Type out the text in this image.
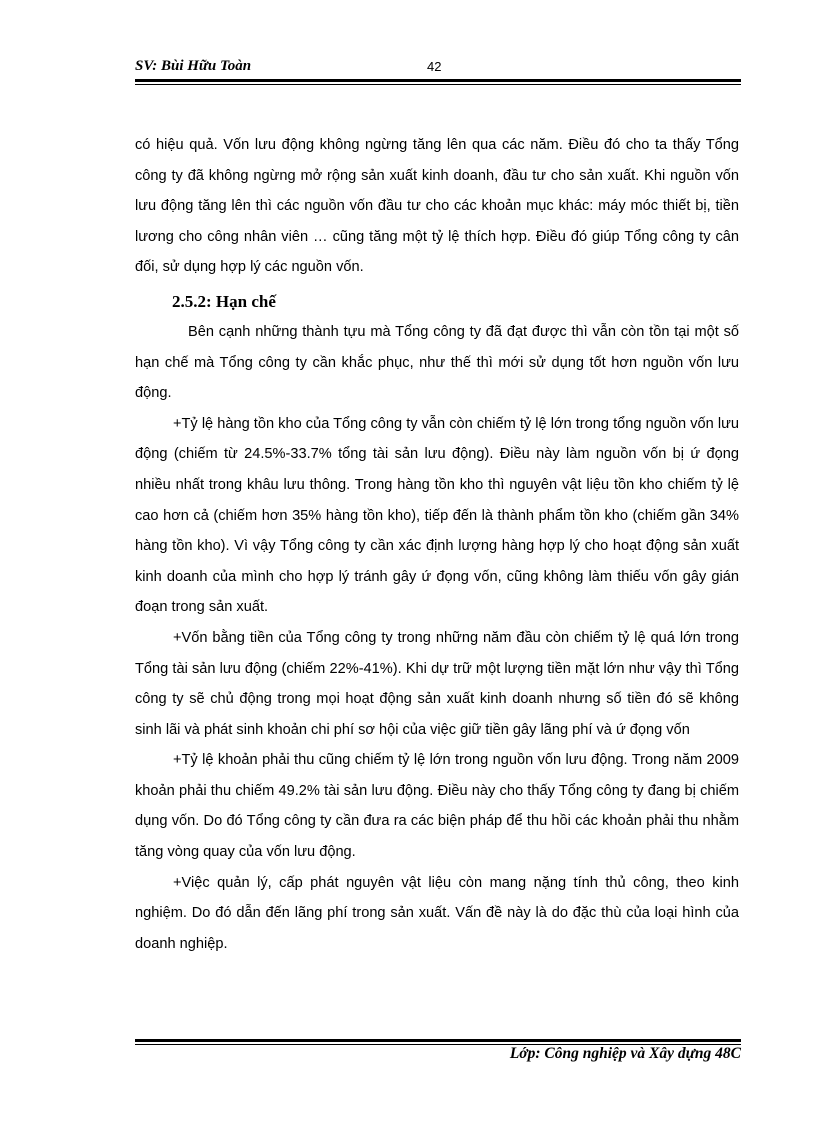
SV: Bùi Hữu Toàn	42

có hiệu quả. Vốn lưu động không ngừng tăng lên qua các năm. Điều đó cho ta thấy Tổng công ty đã không ngừng mở rộng sản xuất kinh doanh, đầu tư cho sản xuất. Khi nguồn vốn lưu động tăng lên thì các nguồn vốn đầu tư cho các khoản mục khác: máy móc thiết bị, tiền lương cho công nhân viên … cũng tăng một tỷ lệ thích hợp. Điều đó giúp Tổng công ty cân đối, sử dụng hợp lý các nguồn vốn.

2.5.2: Hạn chế

Bên cạnh những thành tựu mà Tổng công ty đã đạt được thì vẫn còn tồn tại một số hạn chế mà Tổng công ty cần khắc phục, như thế thì mới sử dụng tốt hơn nguồn vốn lưu động.

+Tỷ lệ hàng tồn kho của Tổng công ty vẫn còn chiếm tỷ lệ lớn trong tổng nguồn vốn lưu động (chiếm từ 24.5%-33.7% tổng tài sản lưu động). Điều này làm nguồn vốn bị ứ đọng nhiều nhất trong khâu lưu thông. Trong hàng tồn kho thì nguyên vật liệu tồn kho chiếm tỷ lệ cao hơn cả (chiếm hơn 35% hàng tồn kho), tiếp đến là thành phẩm tồn kho (chiếm gần 34% hàng tồn kho). Vì vậy Tổng công ty cần xác định lượng hàng hợp lý cho hoạt động sản xuất kinh doanh của mình cho hợp lý tránh gây ứ đọng vốn, cũng không làm thiếu vốn gây gián đoạn trong sản xuất.

+Vốn bằng tiền của Tổng công ty trong những năm đầu còn chiếm tỷ lệ quá lớn trong Tổng tài sản lưu động (chiếm 22%-41%). Khi dự trữ một lượng tiền mặt lớn như vậy thì Tổng công ty sẽ chủ động trong mọi hoạt động sản xuất kinh doanh nhưng số tiền đó sẽ không sinh lãi và phát sinh khoản chi phí sơ hội của việc giữ tiền gây lãng phí và ứ đọng vốn

+Tỷ lệ khoản phải thu cũng chiếm tỷ lệ lớn trong nguồn vốn lưu động. Trong năm 2009 khoản phải thu chiếm 49.2% tài sản lưu động. Điều này cho thấy Tổng công ty đang bị chiếm dụng vốn. Do đó Tổng công ty cần đưa ra các biện pháp để thu hồi các khoản phải thu nhằm tăng vòng quay của vốn lưu động.

+Việc quản lý, cấp phát nguyên vật liệu còn mang nặng tính thủ công, theo kinh nghiệm. Do đó dẫn đến lãng phí trong sản xuất. Vấn đề này là do đặc thù của loại hình của doanh nghiệp.

Lớp: Công nghiệp và Xây dựng 48C
